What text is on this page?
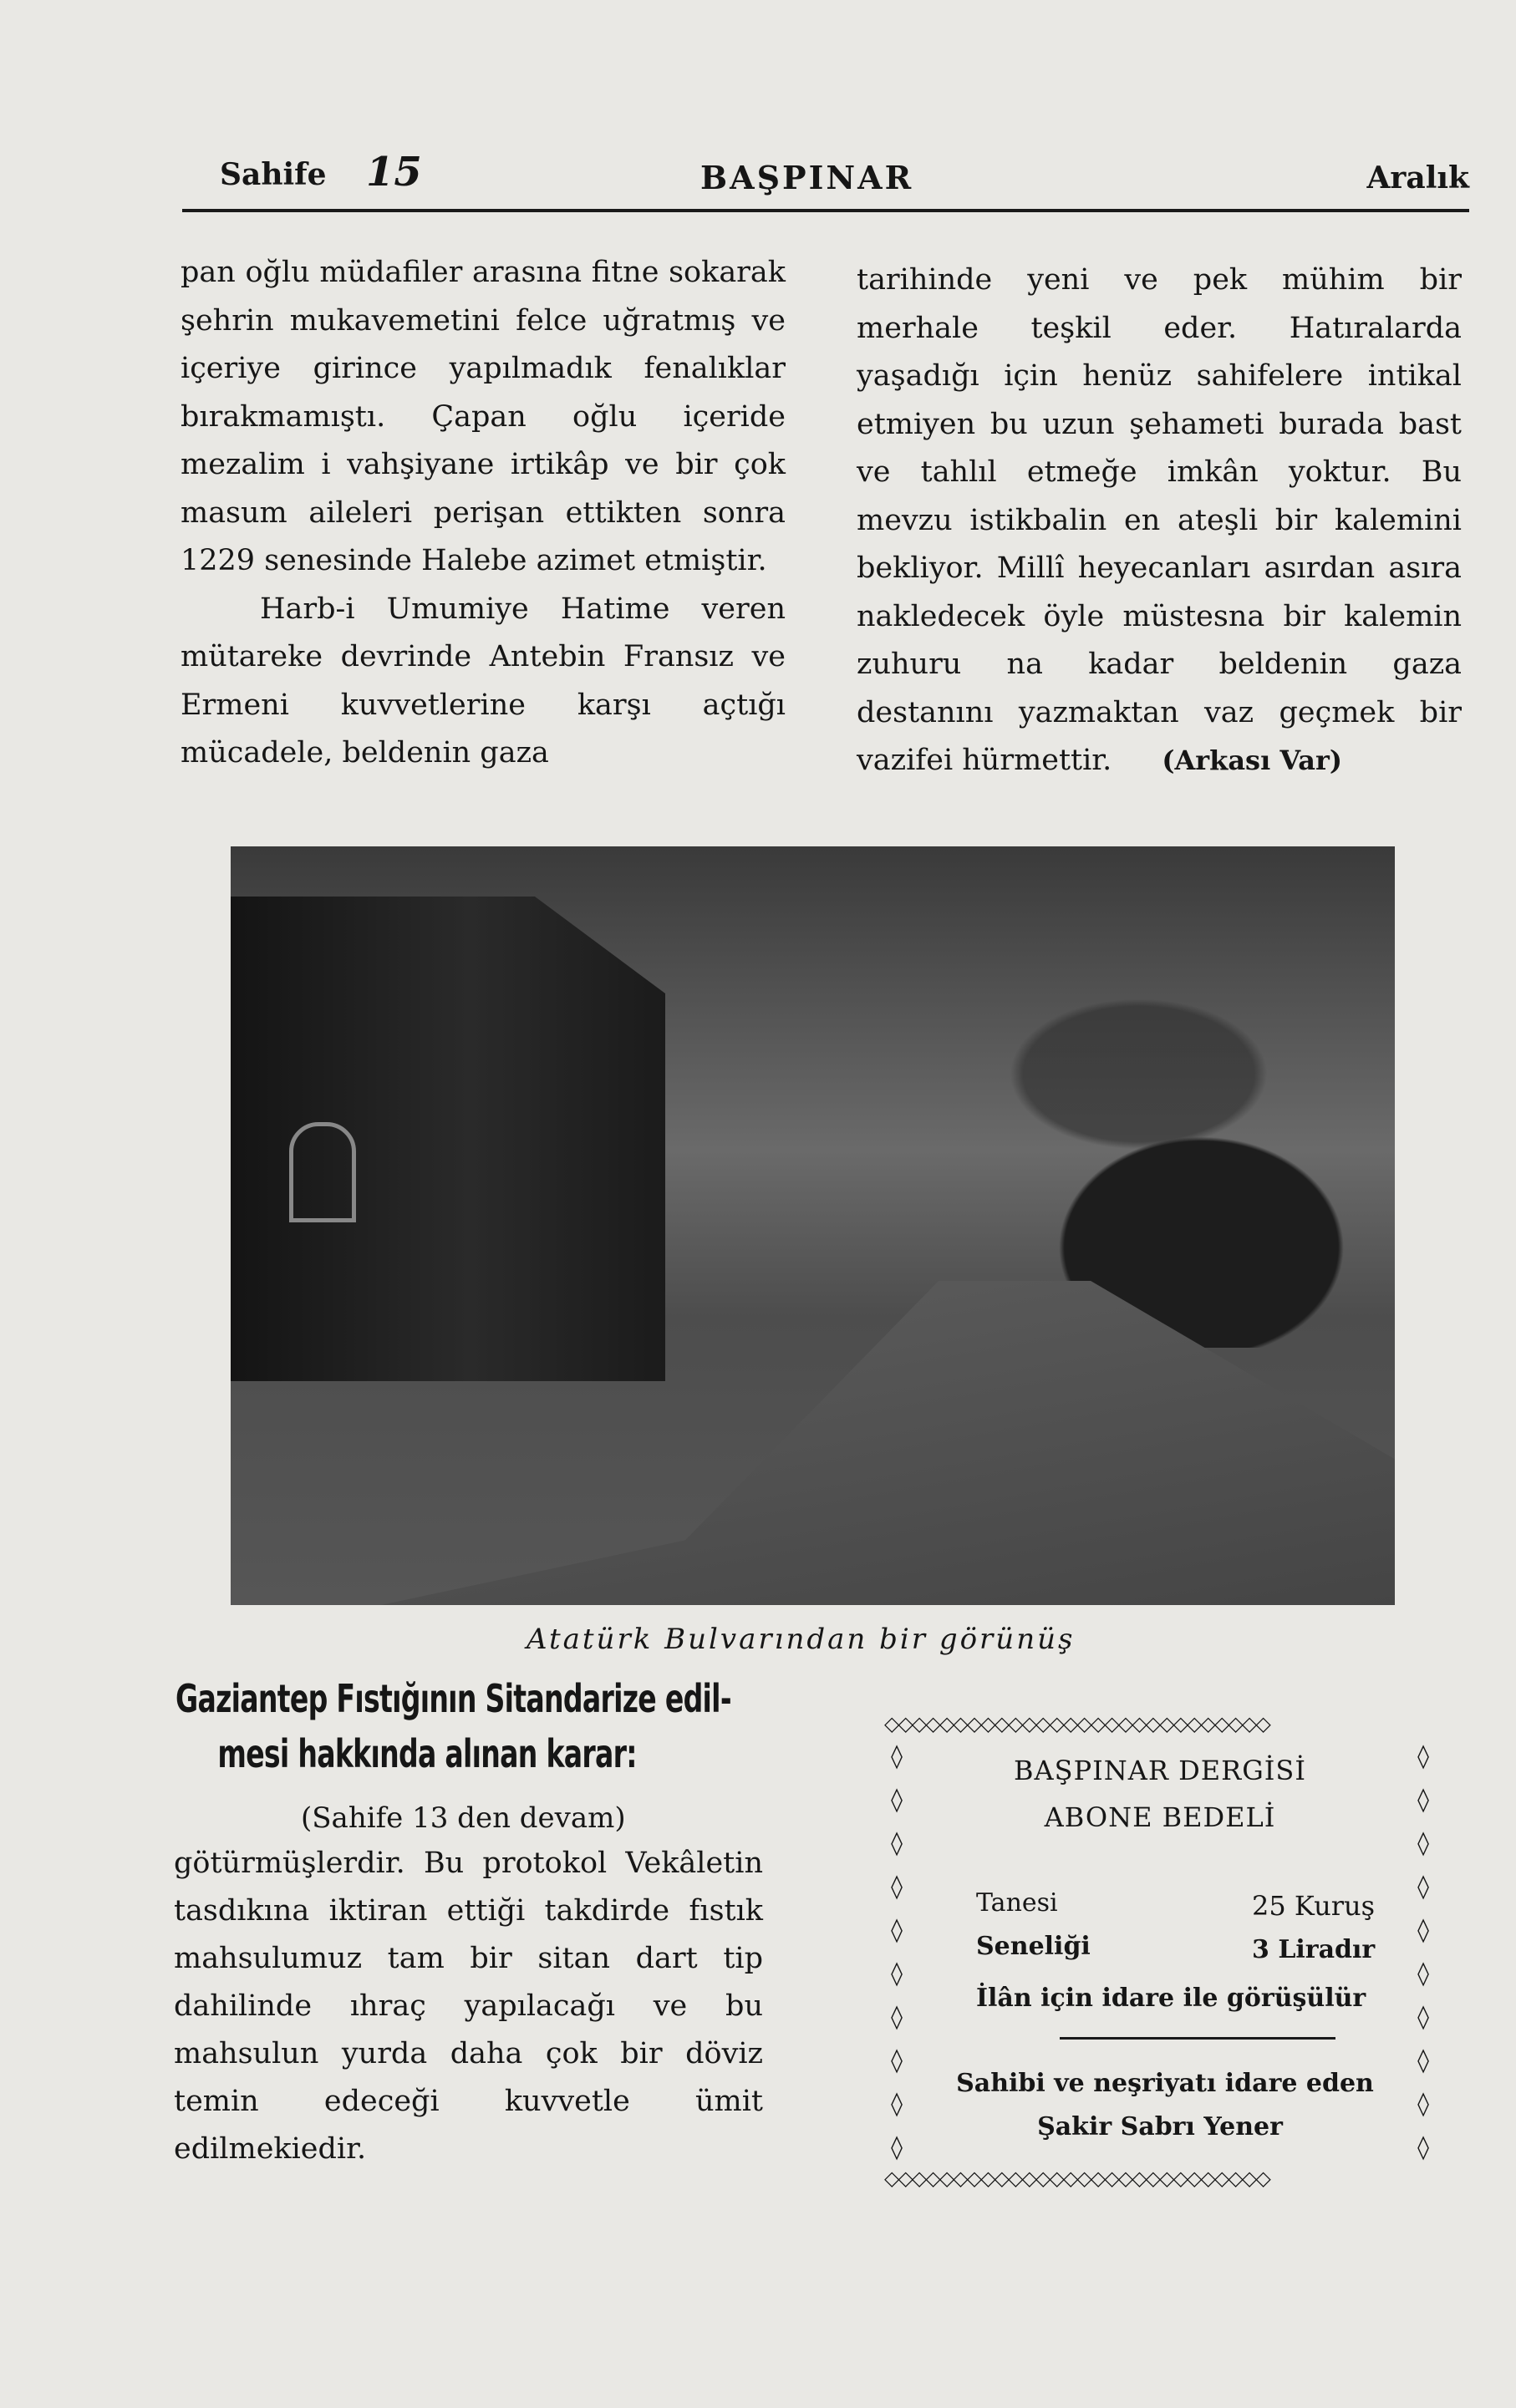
Sahife 15	BAŞPINAR	Aralık

pan oğlu müdafiler arasına fitne sokarak şehrin mukavemetini felce uğratmış ve içeriye girince yapılmadık fenalıklar bırakmamıştı. Çapan oğlu içeride mezalim i vahşiyane irtikâp ve bir çok masum aileleri perişan ettikten sonra 1229 senesinde Halebe azimet etmiştir.

Harb-i Umumiye Hatime veren mütareke devrinde Antebin Fransız ve Ermeni kuvvetlerine karşı açtığı mücadele, beldenin gaza

tarihinde yeni ve pek mühim bir merhale teşkil eder. Hatıralarda yaşadığı için henüz sahifelere intikal etmiyen bu uzun şehameti burada bast ve tahlıl etmeğe imkân yoktur. Bu mevzu istikbalin en ateşli bir kalemini bekliyor. Millî heyecanları asırdan asıra nakledecek öyle müstesna bir kalemin zuhuru na kadar beldenin gaza destanını yazmaktan vaz geçmek bir vazifei hürmettir. (Arkası Var)

Atatürk Bulvarından bir görünüş
Gaziantep Fıstığının Sitandarize edil-
mesi hakkında alınan karar:
(Sahife 13 den devam)

götürmüşlerdir. Bu protokol Vekâletin tasdıkına iktiran ettiği takdirde fıstık mahsulumuz tam bir sitan dart tip dahilinde ıhraç yapılacağı ve bu mahsulun yurda daha çok bir döviz temin edeceği kuvvetle ümit edilmekiedir.

◇◇◇◇◇◇◇◇◇◇◇◇◇◇◇◇◇◇◇◇◇◇◇◇◇◇◇◇
◊
◊
◊
◊
◊
◊
◊
◊
◊
◊
◊
◊
◊
◊
◊
◊
◊
◊
◊
◊
◇◇◇◇◇◇◇◇◇◇◇◇◇◇◇◇◇◇◇◇◇◇◇◇◇◇◇◇
BAŞPINAR DERGİSİ
ABONE BEDELİ
Tanesi	25 Kuruş
Seneliği	3 Liradır
İlân için idare ile görüşülür
Sahibi ve neşriyatı idare eden
Şakir Sabrı Yener
